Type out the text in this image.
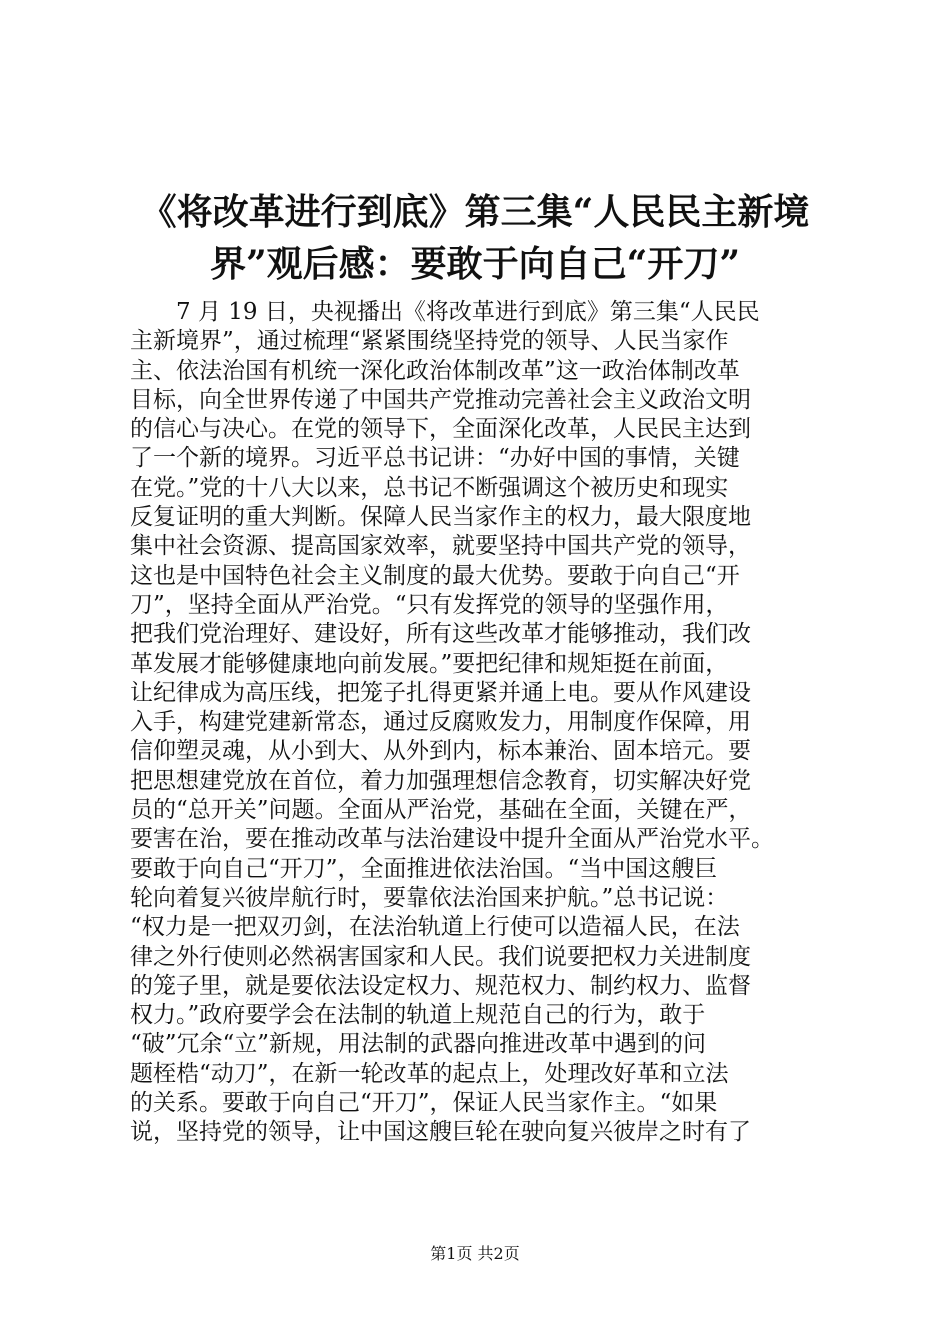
《将改革进行到底》第三集“人民民主新境
界”观后感：要敢于向自己“开刀”
7 月 19 日，央视播出《将改革进行到底》第三集“人民民
主新境界”，通过梳理“紧紧围绕坚持党的领导、人民当家作
主、依法治国有机统一深化政治体制改革”这一政治体制改革
目标，向全世界传递了中国共产党推动完善社会主义政治文明
的信心与决心。在党的领导下，全面深化改革，人民民主达到
了一个新的境界。习近平总书记讲：“办好中国的事情，关键
在党。”党的十八大以来，总书记不断强调这个被历史和现实
反复证明的重大判断。保障人民当家作主的权力，最大限度地
集中社会资源、提高国家效率，就要坚持中国共产党的领导，
这也是中国特色社会主义制度的最大优势。要敢于向自己“开
刀”，坚持全面从严治党。“只有发挥党的领导的坚强作用，
把我们党治理好、建设好，所有这些改革才能够推动，我们改
革发展才能够健康地向前发展。”要把纪律和规矩挺在前面，
让纪律成为高压线，把笼子扎得更紧并通上电。要从作风建设
入手，构建党建新常态，通过反腐败发力，用制度作保障，用
信仰塑灵魂，从小到大、从外到内，标本兼治、固本培元。要
把思想建党放在首位，着力加强理想信念教育，切实解决好党
员的“总开关”问题。全面从严治党，基础在全面，关键在严，
要害在治，要在推动改革与法治建设中提升全面从严治党水平。
要敢于向自己“开刀”，全面推进依法治国。“当中国这艘巨
轮向着复兴彼岸航行时，要靠依法治国来护航。”总书记说：
“权力是一把双刃剑，在法治轨道上行使可以造福人民，在法
律之外行使则必然祸害国家和人民。我们说要把权力关进制度
的笼子里，就是要依法设定权力、规范权力、制约权力、监督
权力。”政府要学会在法制的轨道上规范自己的行为，敢于
“破”冗余“立”新规，用法制的武器向推进改革中遇到的问
题桎梏“动刀”，在新一轮改革的起点上，处理改好革和立法
的关系。要敢于向自己“开刀”，保证人民当家作主。“如果
说，坚持党的领导，让中国这艘巨轮在驶向复兴彼岸之时有了
第1页 共2页
